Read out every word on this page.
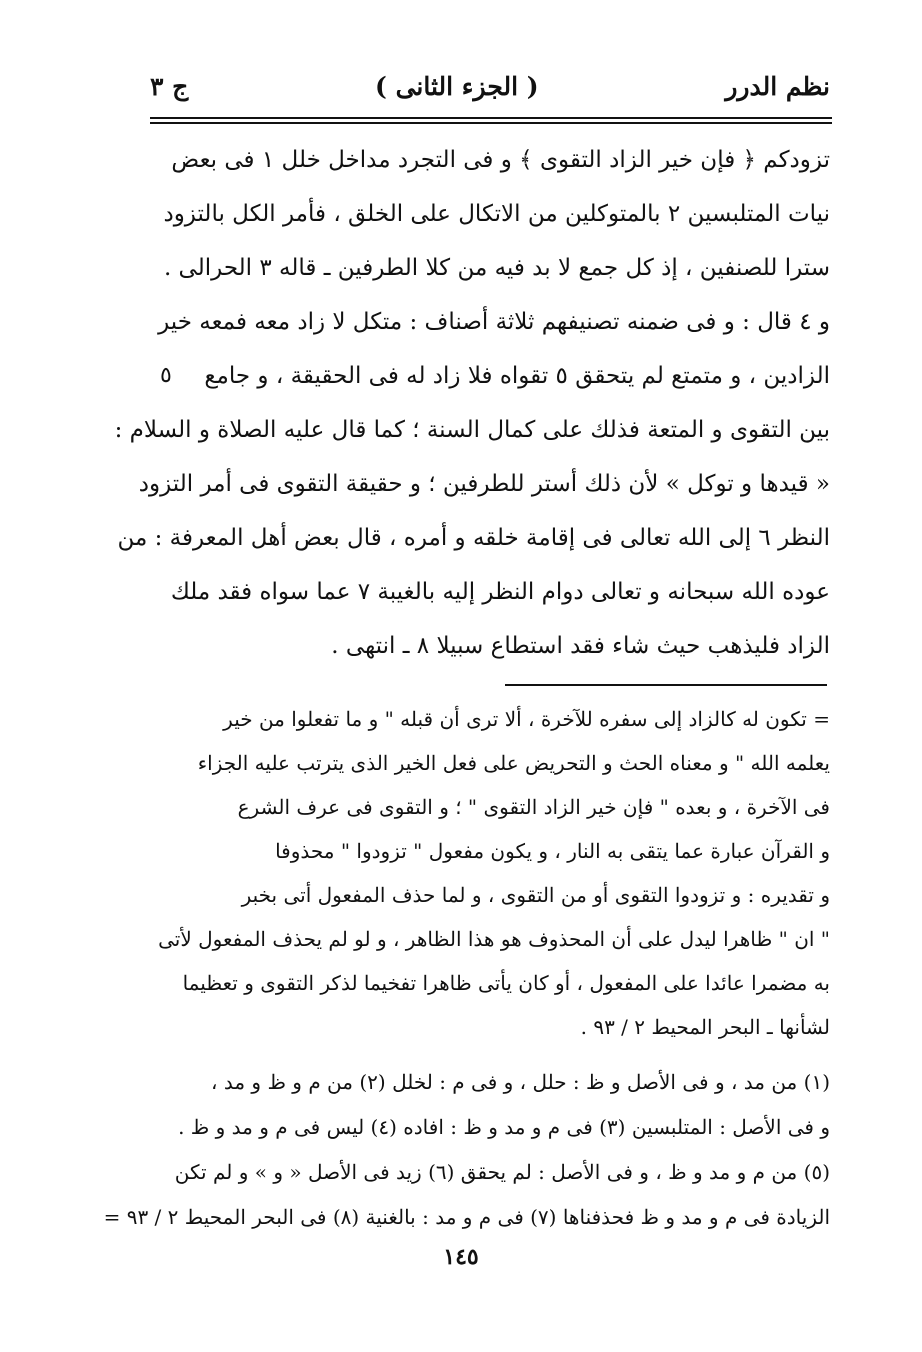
نظم الدرر
( الجزء الثانى )
ج ٣
تزودكم ﴿ فإن خير الزاد التقوى ﴾ و فى التجرد مداخل خلل ١ فى بعض
نيات المتلبسين ٢ بالمتوكلين من الاتكال على الخلق ، فأمر الكل بالتزود
سترا للصنفين ، إذ كل جمع لا بد فيه من كلا الطرفين ـ قاله ٣ الحرالى .
و ٤ قال : و فى ضمنه تصنيفهم ثلاثة أصناف : متكل لا زاد معه فمعه خير
الزادين ، و متمتع لم يتحقق ٥ تقواه فلا زاد له فى الحقيقة ، و جامع
بين التقوى و المتعة فذلك على كمال السنة ؛ كما قال عليه الصلاة و السلام :
« قيدها و توكل » لأن ذلك أستر للطرفين ؛ و حقيقة التقوى فى أمر التزود
النظر ٦ إلى الله تعالى فى إقامة خلقه و أمره ، قال بعض أهل المعرفة : من
عوده الله سبحانه و تعالى دوام النظر إليه بالغيبة ٧ عما سواه فقد ملك
الزاد فليذهب حيث شاء فقد استطاع سبيلا ٨ ـ انتهى .
٥
= تكون له كالزاد إلى سفره للآخرة ، ألا ترى أن قبله " و ما تفعلوا من خير
يعلمه الله " و معناه الحث و التحريض على فعل الخير الذى يترتب عليه الجزاء
فى الآخرة ، و بعده " فإن خير الزاد التقوى " ؛ و التقوى فى عرف الشرع
و القرآن عبارة عما يتقى به النار ، و يكون مفعول " تزودوا " محذوفا
و تقديره : و تزودوا التقوى أو من التقوى ، و لما حذف المفعول أتى بخبر
" ان " ظاهرا ليدل على أن المحذوف هو هذا الظاهر ، و لو لم يحذف المفعول لأتى
به مضمرا عائدا على المفعول ، أو كان يأتى ظاهرا تفخيما لذكر التقوى و تعظيما
لشأنها ـ البحر المحيط ٢ / ٩٣ .
(١) من مد ، و فى الأصل و ظ : حلل ، و فى م : لخلل (٢) من م و ظ و مد ،
و فى الأصل : المتلبسين (٣) فى م و مد و ظ : افاده (٤) ليس فى م و مد و ظ .
(٥) من م و مد و ظ ، و فى الأصل : لم يحقق (٦) زيد فى الأصل « و » و لم تكن
الزيادة فى م و مد و ظ فحذفناها (٧) فى م و مد : بالغنية (٨) فى البحر المحيط ٢ / ٩٣ =
١٤٥
